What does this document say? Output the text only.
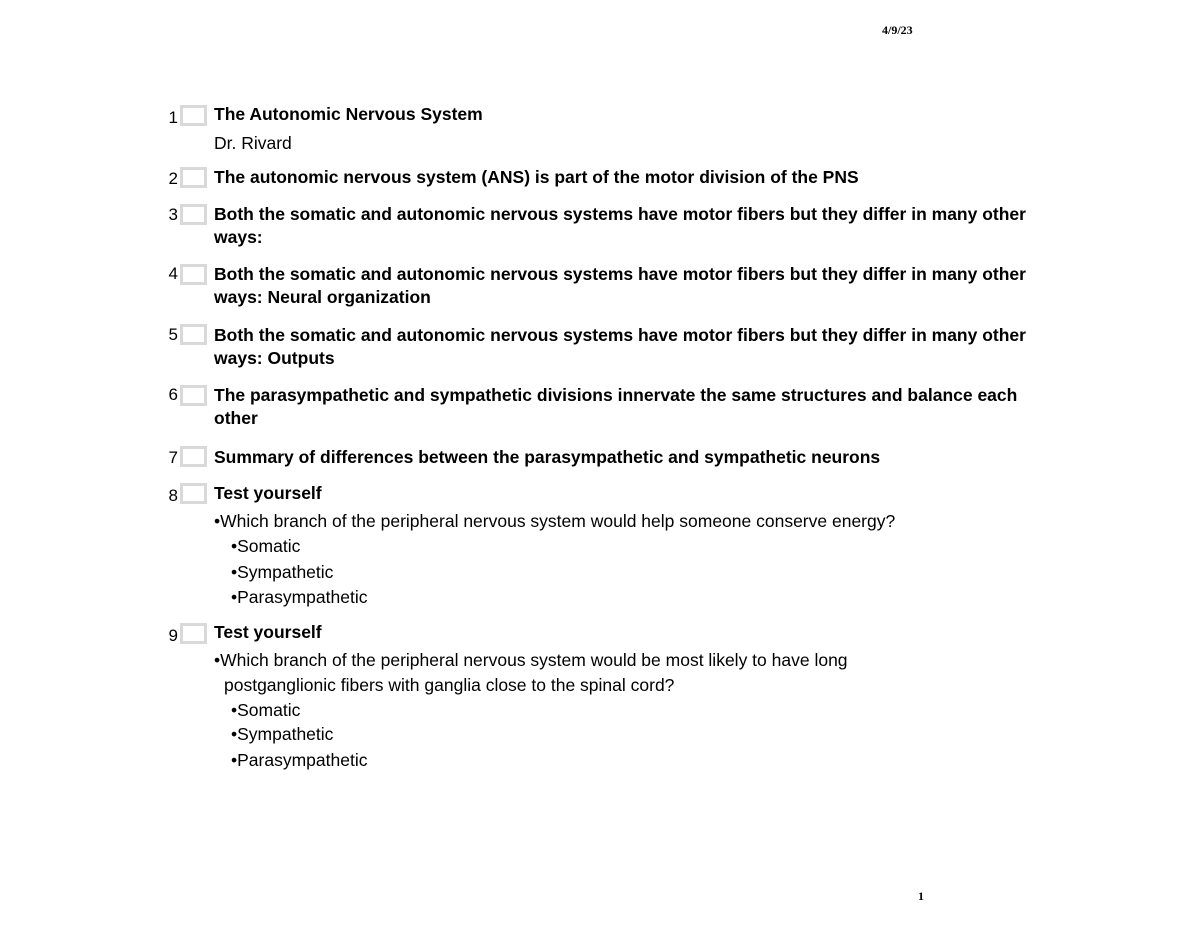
4/9/23
1 The Autonomic Nervous System
Dr. Rivard
2 The autonomic nervous system (ANS) is part of the motor division of the PNS
3 Both the somatic and autonomic nervous systems have motor fibers but they differ in many other ways:
4 Both the somatic and autonomic nervous systems have motor fibers but they differ in many other ways: Neural organization
5 Both the somatic and autonomic nervous systems have motor fibers but they differ in many other ways: Outputs
6 The parasympathetic and sympathetic divisions innervate the same structures and balance each other
7 Summary of differences between the parasympathetic and sympathetic neurons
8 Test yourself
•Which branch of the peripheral nervous system would help someone conserve energy?
•Somatic
•Sympathetic
•Parasympathetic
9 Test yourself
•Which branch of the peripheral nervous system would be most likely to have long
postganglionic fibers with ganglia close to the spinal cord?
•Somatic
•Sympathetic
•Parasympathetic
1
